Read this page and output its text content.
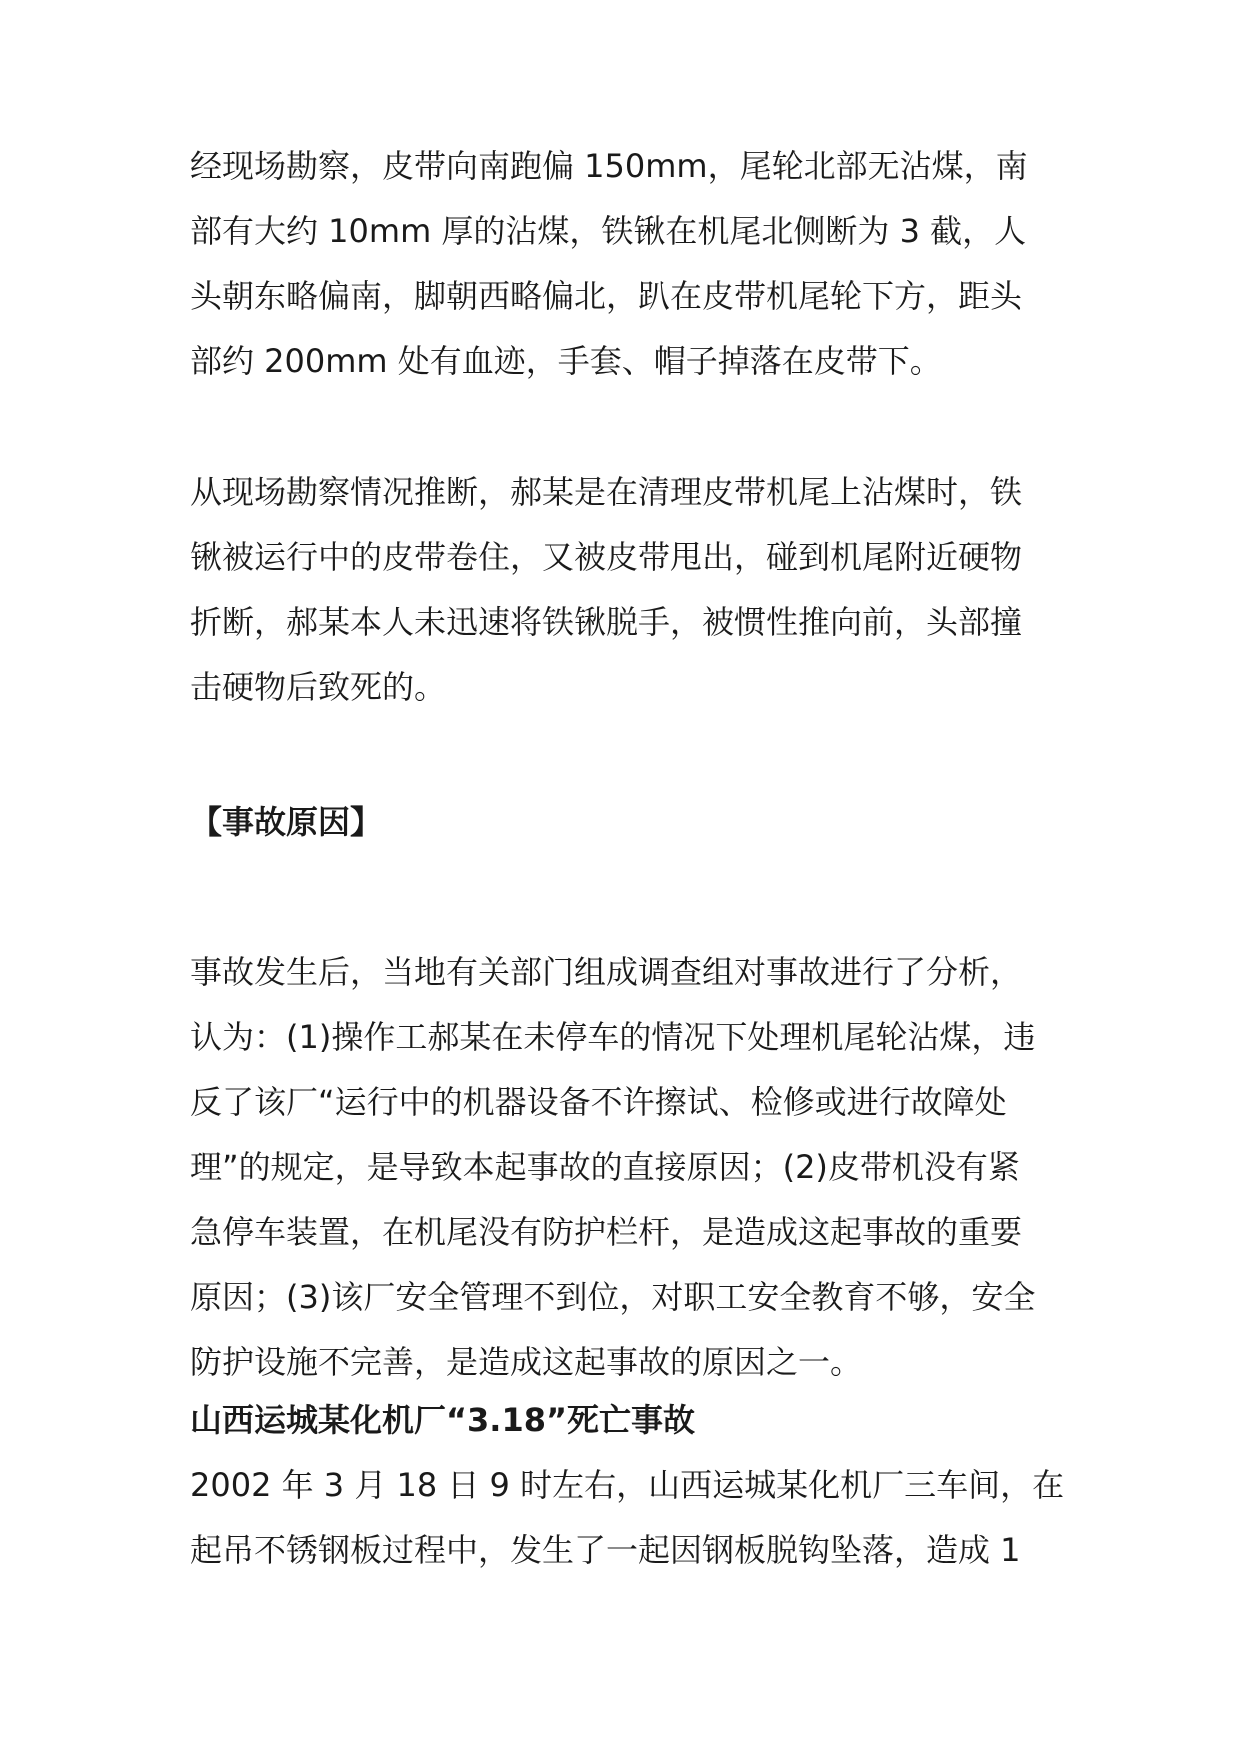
经现场勘察，皮带向南跑偏 150mm，尾轮北部无沾煤，南
部有大约 10mm 厚的沾煤，铁锹在机尾北侧断为 3 截，人
头朝东略偏南，脚朝西略偏北，趴在皮带机尾轮下方，距头
部约 200mm 处有血迹，手套、帽子掉落在皮带下。
从现场勘察情况推断，郝某是在清理皮带机尾上沾煤时，铁
锹被运行中的皮带卷住，又被皮带甩出，碰到机尾附近硬物
折断，郝某本人未迅速将铁锹脱手，被惯性推向前，头部撞
击硬物后致死的。
【事故原因】
事故发生后，当地有关部门组成调查组对事故进行了分析，
认为：(1)操作工郝某在未停车的情况下处理机尾轮沾煤，违
反了该厂“运行中的机器设备不许擦试、检修或进行故障处
理”的规定，是导致本起事故的直接原因；(2)皮带机没有紧
急停车装置，在机尾没有防护栏杆，是造成这起事故的重要
原因；(3)该厂安全管理不到位，对职工安全教育不够，安全
防护设施不完善，是造成这起事故的原因之一。
山西运城某化机厂“3.18”死亡事故
2002 年 3 月 18 日 9 时左右，山西运城某化机厂三车间，在
起吊不锈钢板过程中，发生了一起因钢板脱钩坠落，造成 1
